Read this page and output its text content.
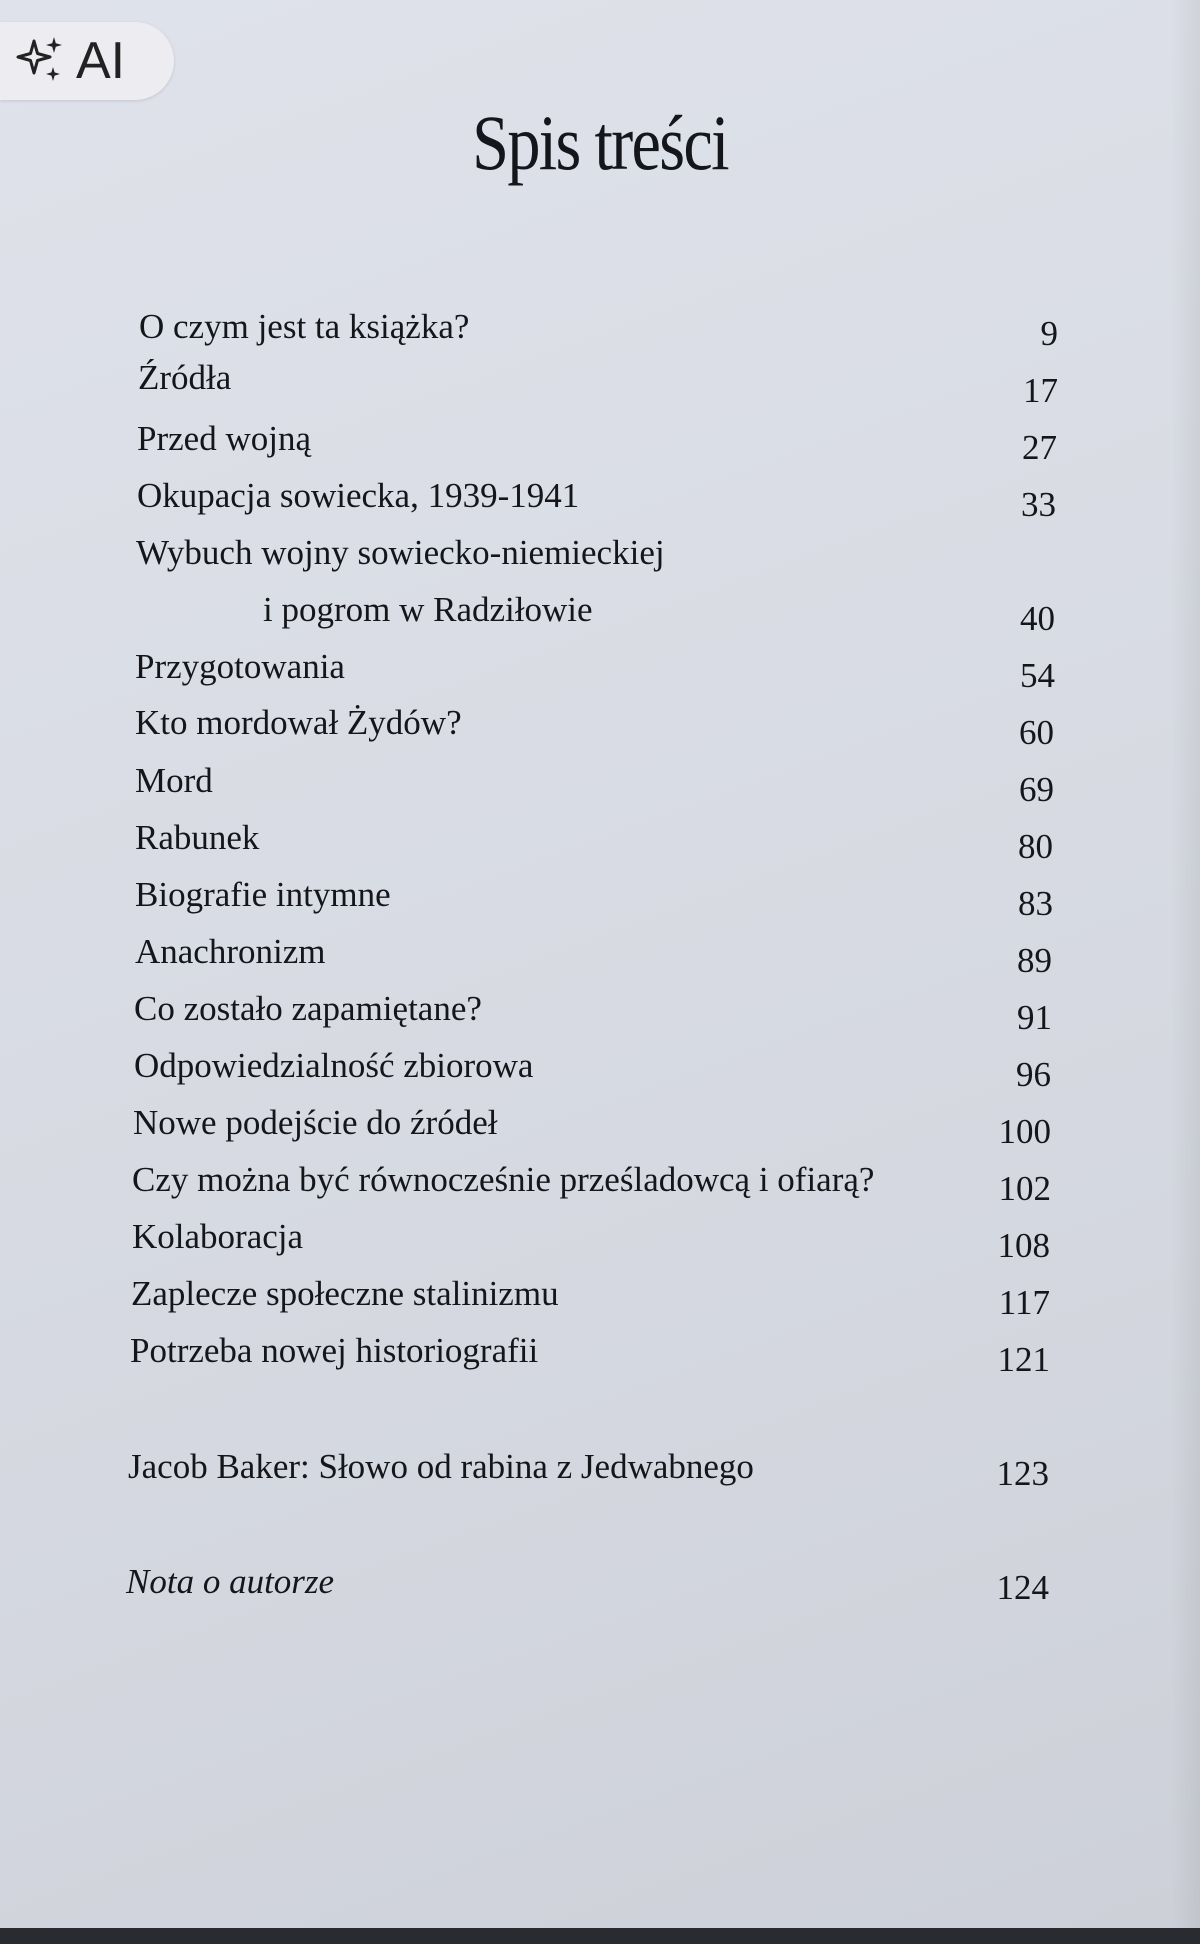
AI
Spis treści
O czym jest ta książka?	9
Źródła	17
Przed wojną	27
Okupacja sowiecka, 1939-1941	33
Wybuch wojny sowiecko-niemieckiej
i pogrom w Radziłowie	40
Przygotowania	54
Kto mordował Żydów?	60
Mord	69
Rabunek	80
Biografie intymne	83
Anachronizm	89
Co zostało zapamiętane?	91
Odpowiedzialność zbiorowa	96
Nowe podejście do źródeł	100
Czy można być równocześnie prześladowcą i ofiarą?	102
Kolaboracja	108
Zaplecze społeczne stalinizmu	117
Potrzeba nowej historiografii	121
Jacob Baker: Słowo od rabina z Jedwabnego	123
Nota o autorze	124
